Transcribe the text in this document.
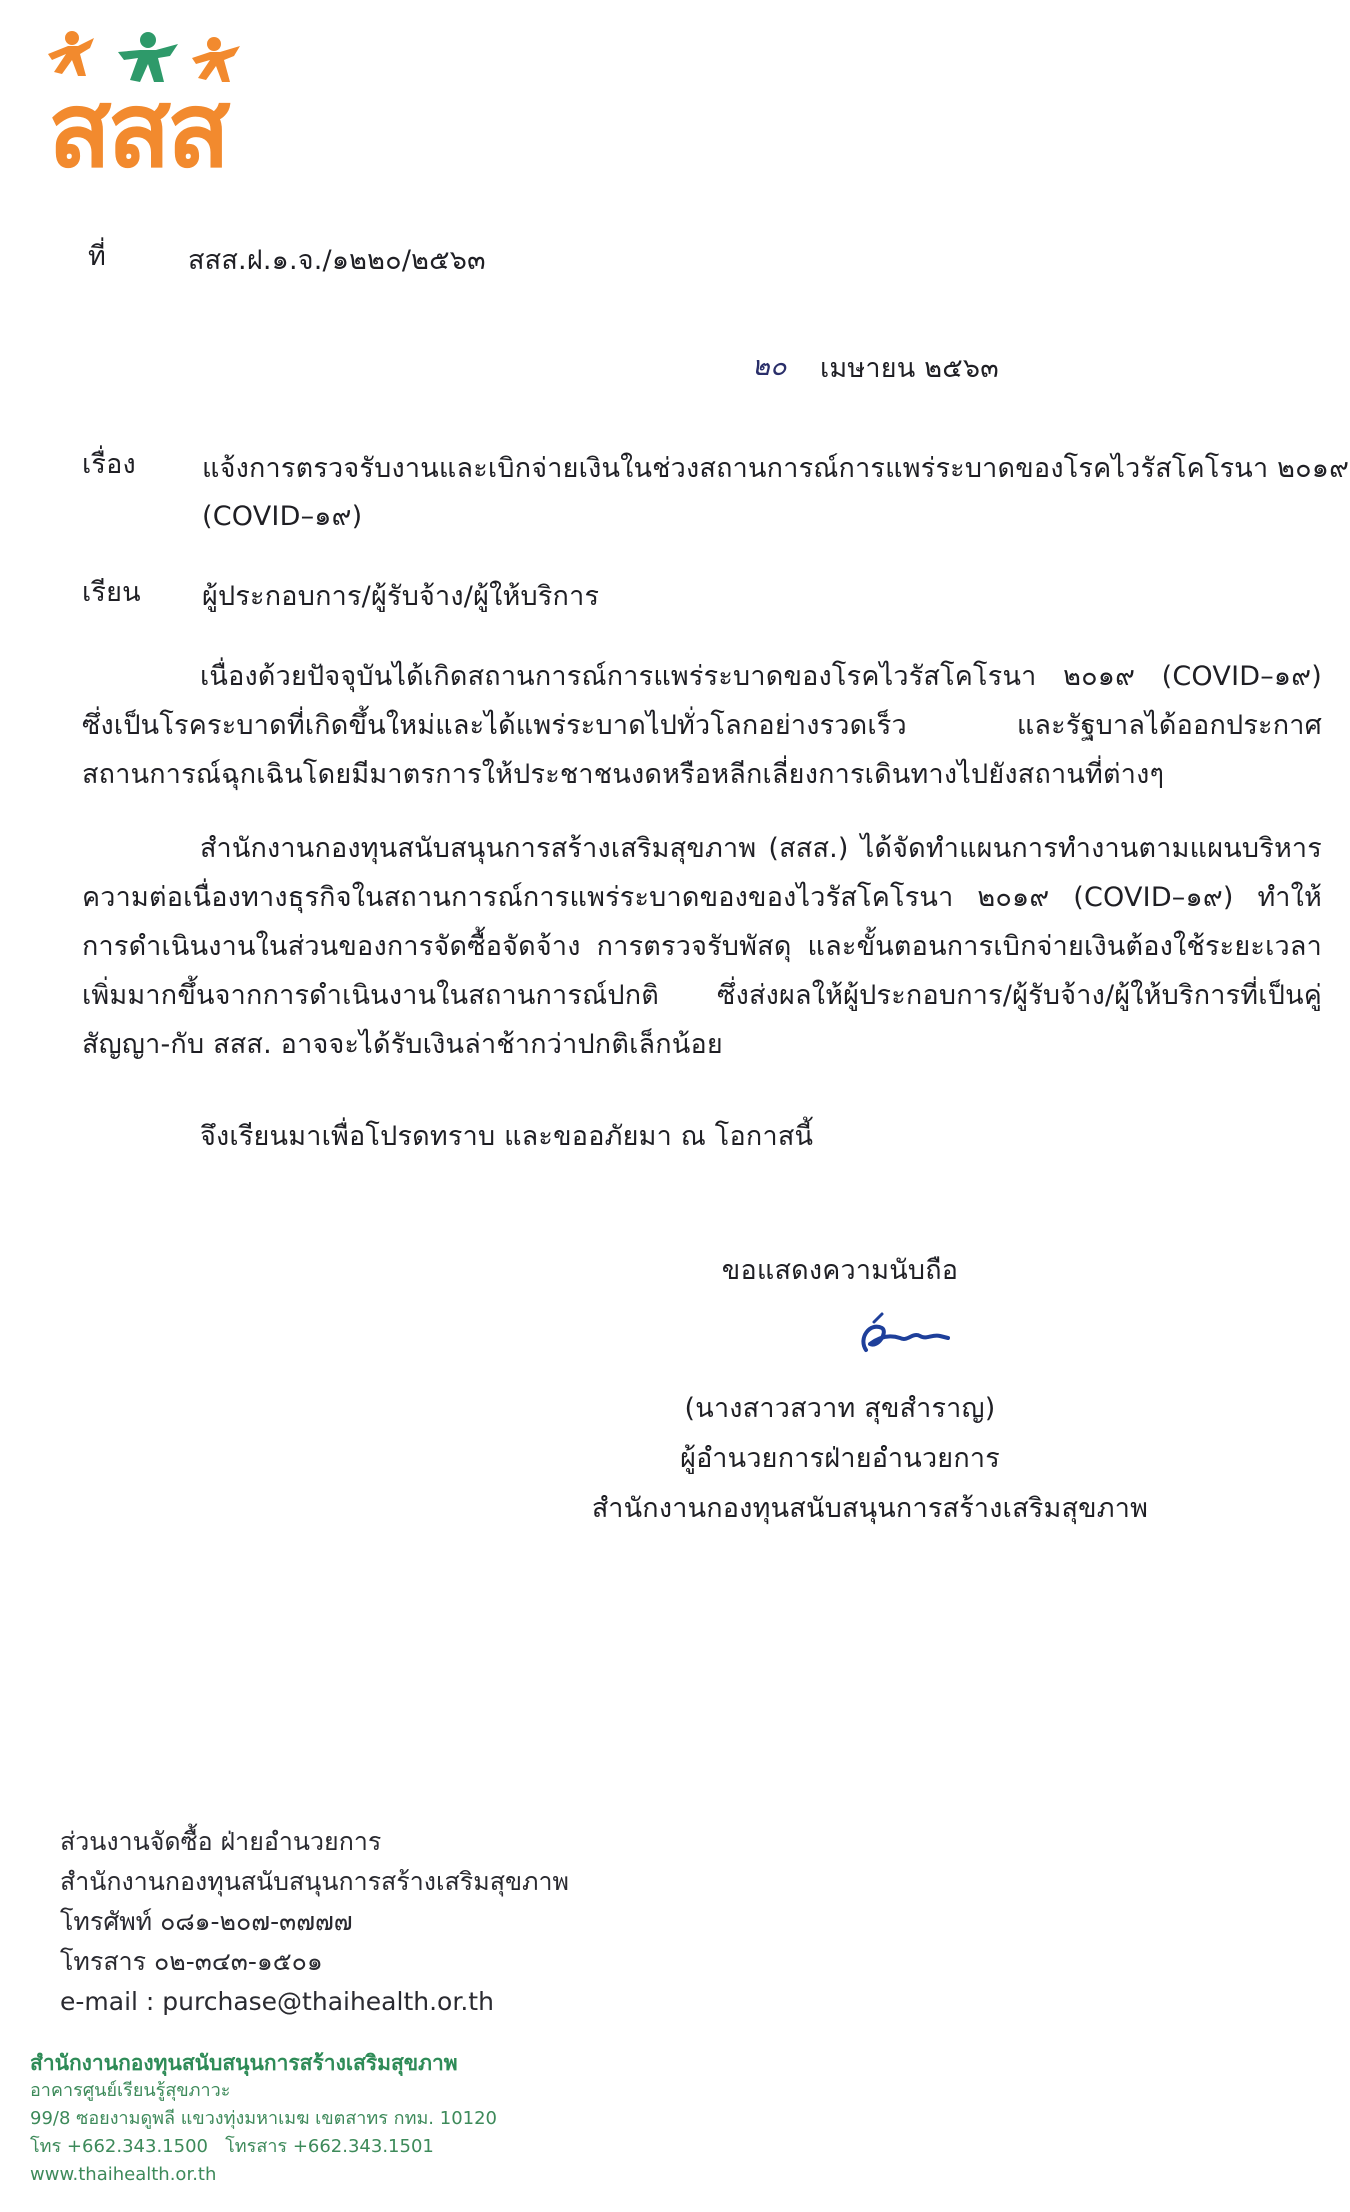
สสส
ที่	สสส.ฝ.๑.จ./๑๒๒๐/๒๕๖๓
๒๐ เมษายน ๒๕๖๓
เรื่อง แจ้งการตรวจรับงานและเบิกจ่ายเงินในช่วงสถานการณ์การแพร่ระบาดของโรคไวรัสโคโรนา ๒๐๑๙
(COVID–๑๙)
เรียน ผู้ประกอบการ/ผู้รับจ้าง/ผู้ให้บริการ
เนื่องด้วยปัจจุบันได้เกิดสถานการณ์การแพร่ระบาดของโรคไวรัสโคโรนา ๒๐๑๙ (COVID–๑๙) ซึ่งเป็นโรคระบาดที่เกิดขึ้นใหม่และได้แพร่ระบาดไปทั่วโลกอย่างรวดเร็ว และรัฐบาลได้ออกประกาศสถานการณ์ฉุกเฉินโดยมีมาตรการให้ประชาชนงดหรือหลีกเลี่ยงการเดินทางไปยังสถานที่ต่างๆ
สำนักงานกองทุนสนับสนุนการสร้างเสริมสุขภาพ (สสส.) ได้จัดทำแผนการทำงานตามแผนบริหารความต่อเนื่องทางธุรกิจในสถานการณ์การแพร่ระบาดของของไวรัสโคโรนา ๒๐๑๙ (COVID–๑๙) ทำให้การดำเนินงานในส่วนของการจัดซื้อจัดจ้าง การตรวจรับพัสดุ และขั้นตอนการเบิกจ่ายเงินต้องใช้ระยะเวลาเพิ่มมากขึ้นจากการดำเนินงานในสถานการณ์ปกติ ซึ่งส่งผลให้ผู้ประกอบการ/ผู้รับจ้าง/ผู้ให้บริการที่เป็นคู่สัญญา-กับ สสส. อาจจะได้รับเงินล่าช้ากว่าปกติเล็กน้อย
จึงเรียนมาเพื่อโปรดทราบ และขออภัยมา ณ โอกาสนี้
ขอแสดงความนับถือ
(นางสาวสวาท สุขสำราญ)
ผู้อำนวยการฝ่ายอำนวยการ
สำนักงานกองทุนสนับสนุนการสร้างเสริมสุขภาพ
ส่วนงานจัดซื้อ ฝ่ายอำนวยการ
สำนักงานกองทุนสนับสนุนการสร้างเสริมสุขภาพ
โทรศัพท์ ๐๘๑-๒๐๗-๓๗๗๗
โทรสาร ๐๒-๓๔๓-๑๕๐๑
e-mail : purchase@thaihealth.or.th
สำนักงานกองทุนสนับสนุนการสร้างเสริมสุขภาพ
อาคารศูนย์เรียนรู้สุขภาวะ
99/8 ซอยงามดูพลี แขวงทุ่งมหาเมฆ เขตสาทร กทม. 10120
โทร +662.343.1500   โทรสาร +662.343.1501
www.thaihealth.or.th
